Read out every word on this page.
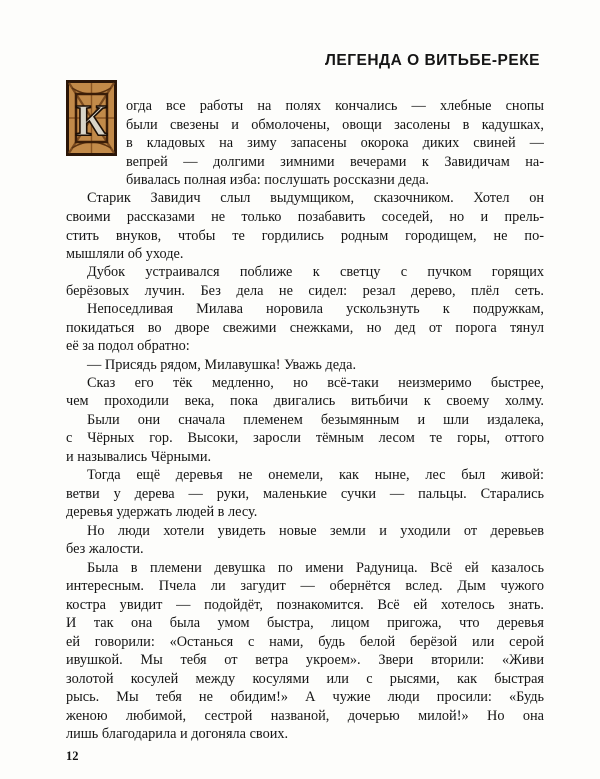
ЛЕГЕНДА О ВИТЬБЕ-РЕКЕ
К огда все работы на полях кончались — хлебные снопы

были свезены и обмолочены, овощи засолены в кадушках,

в кладовых на зиму запасены окорока диких свиней —

вепрей — долгими зимними вечерами к Завидичам на-

бивалась полная изба: послушать россказни деда.

Старик Завидич слыл выдумщиком, сказочником. Хотел он

своими рассказами не только позабавить соседей, но и прель-

стить внуков, чтобы те гордились родным городищем, не по-

мышляли об уходе.

Дубок устраивался поближе к светцу с пучком горящих

берёзовых лучин. Без дела не сидел: резал дерево, плёл сеть.

Непоседливая Милава норовила ускользнуть к подружкам,

покидаться во дворе свежими снежками, но дед от порога тянул

её за подол обратно:

— Присядь рядом, Милавушка! Уважь деда.

Сказ его тёк медленно, но всё-таки неизмеримо быстрее,

чем проходили века, пока двигались витьбичи к своему холму.

Были они сначала племенем безымянным и шли издалека,

с Чёрных гор. Высоки, заросли тёмным лесом те горы, оттого

и назывались Чёрными.

Тогда ещё деревья не онемели, как ныне, лес был живой:

ветви у дерева — руки, маленькие сучки — пальцы. Старались

деревья удержать людей в лесу.

Но люди хотели увидеть новые земли и уходили от деревьев

без жалости.

Была в племени девушка по имени Радуница. Всё ей казалось

интересным. Пчела ли загудит — обернётся вслед. Дым чужого

костра увидит — подойдёт, познакомится. Всё ей хотелось знать.

И так она была умом быстра, лицом пригожа, что деревья

ей говорили: «Останься с нами, будь белой берёзой или серой

ивушкой. Мы тебя от ветра укроем». Звери вторили: «Живи

золотой косулей между косулями или с рысями, как быстрая

рысь. Мы тебя не обидим!» А чужие люди просили: «Будь

женою любимой, сестрой названой, дочерью милой!» Но она

лишь благодарила и догоняла своих.

12
